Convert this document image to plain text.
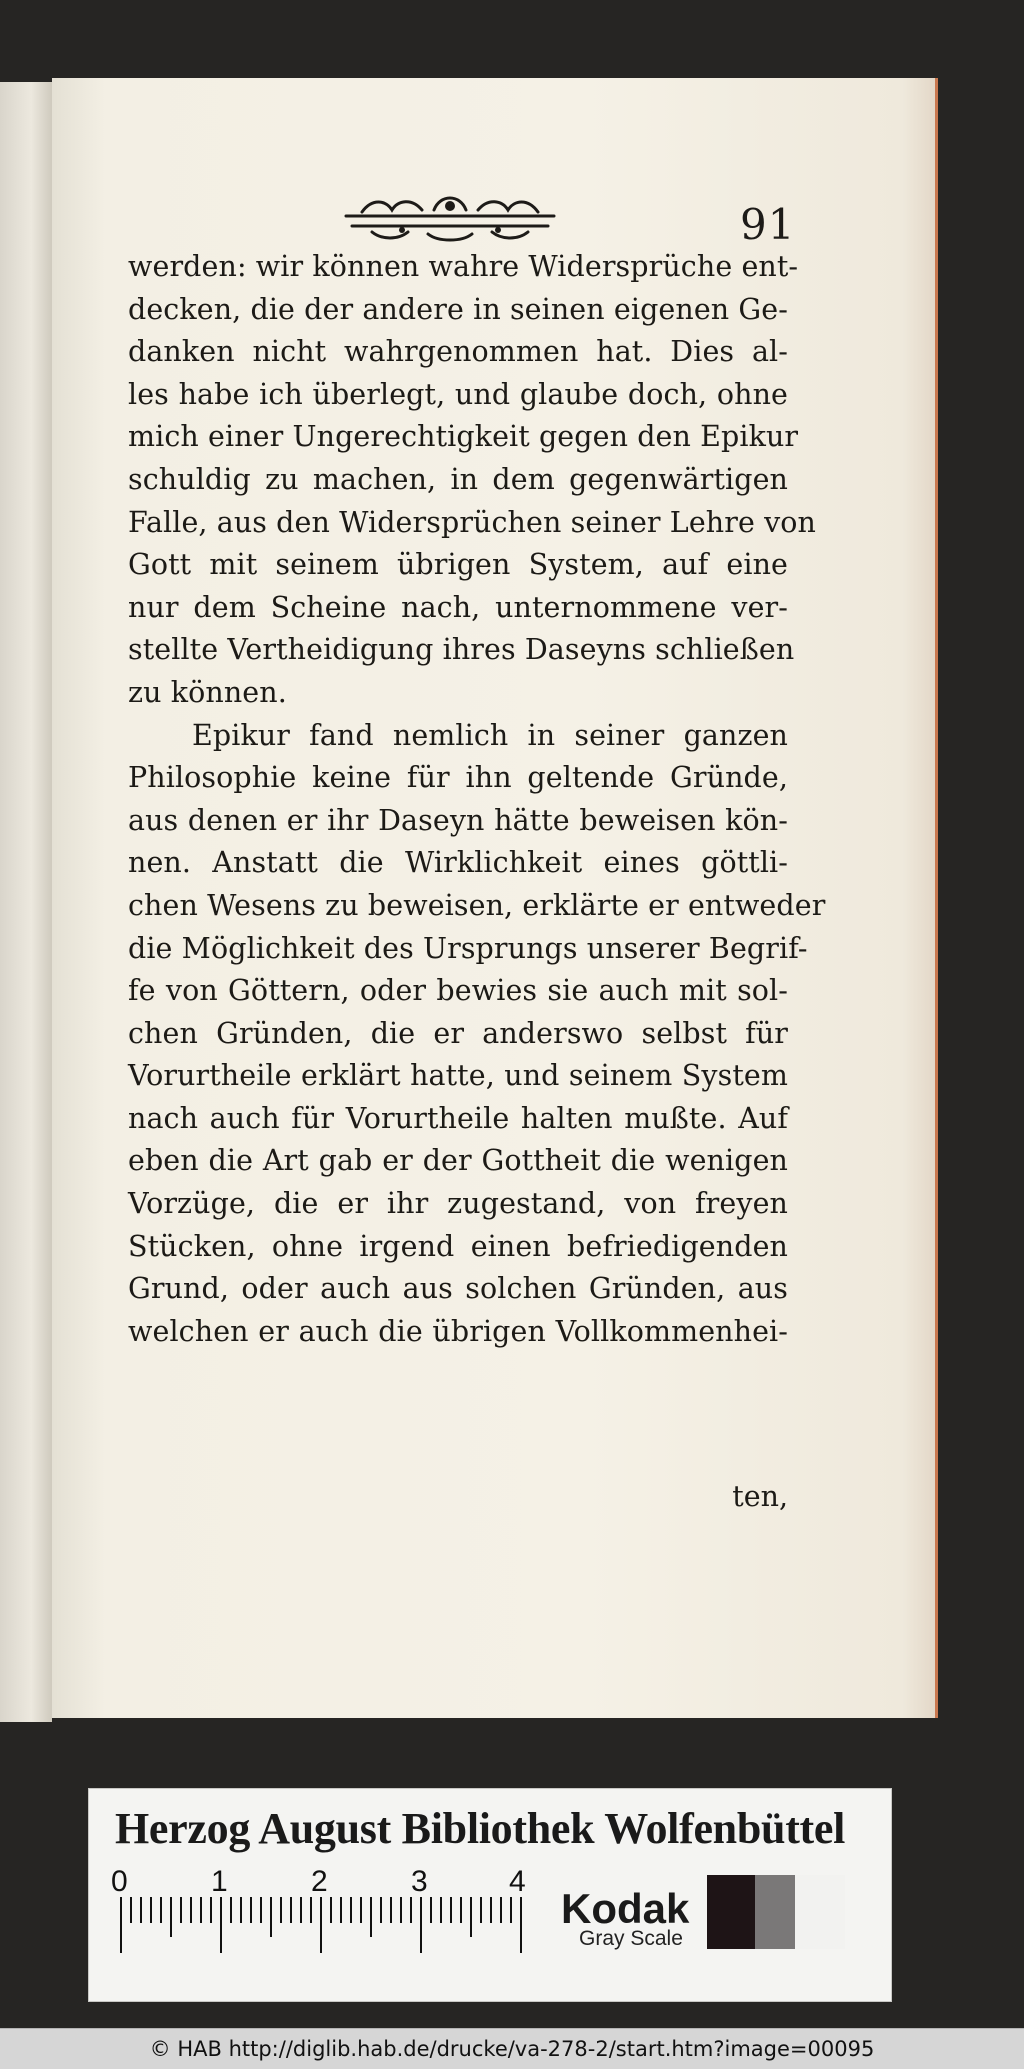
91
werden: wir können wahre Widersprüche ent-
decken, die der andere in seinen eigenen Ge-
danken nicht wahrgenommen hat. Dies al-
les habe ich überlegt, und glaube doch, ohne
mich einer Ungerechtigkeit gegen den Epikur
schuldig zu machen, in dem gegenwärtigen
Falle, aus den Widersprüchen seiner Lehre von
Gott mit seinem übrigen System, auf eine
nur dem Scheine nach, unternommene ver-
stellte Vertheidigung ihres Daseyns schließen
zu können.
Epikur fand nemlich in seiner ganzen
Philosophie keine für ihn geltende Gründe,
aus denen er ihr Daseyn hätte beweisen kön-
nen. Anstatt die Wirklichkeit eines göttli-
chen Wesens zu beweisen, erklärte er entweder
die Möglichkeit des Ursprungs unserer Begrif-
fe von Göttern, oder bewies sie auch mit sol-
chen Gründen, die er anderswo selbst für
Vorurtheile erklärt hatte, und seinem System
nach auch für Vorurtheile halten mußte. Auf
eben die Art gab er der Gottheit die wenigen
Vorzüge, die er ihr zugestand, von freyen
Stücken, ohne irgend einen befriedigenden
Grund, oder auch aus solchen Gründen, aus
welchen er auch die übrigen Vollkommenhei-
ten,
Herzog August Bibliothek Wolfenbüttel
0	1	2	3	4
Kodak
Gray Scale
© HAB http://diglib.hab.de/drucke/va-278-2/start.htm?image=00095
